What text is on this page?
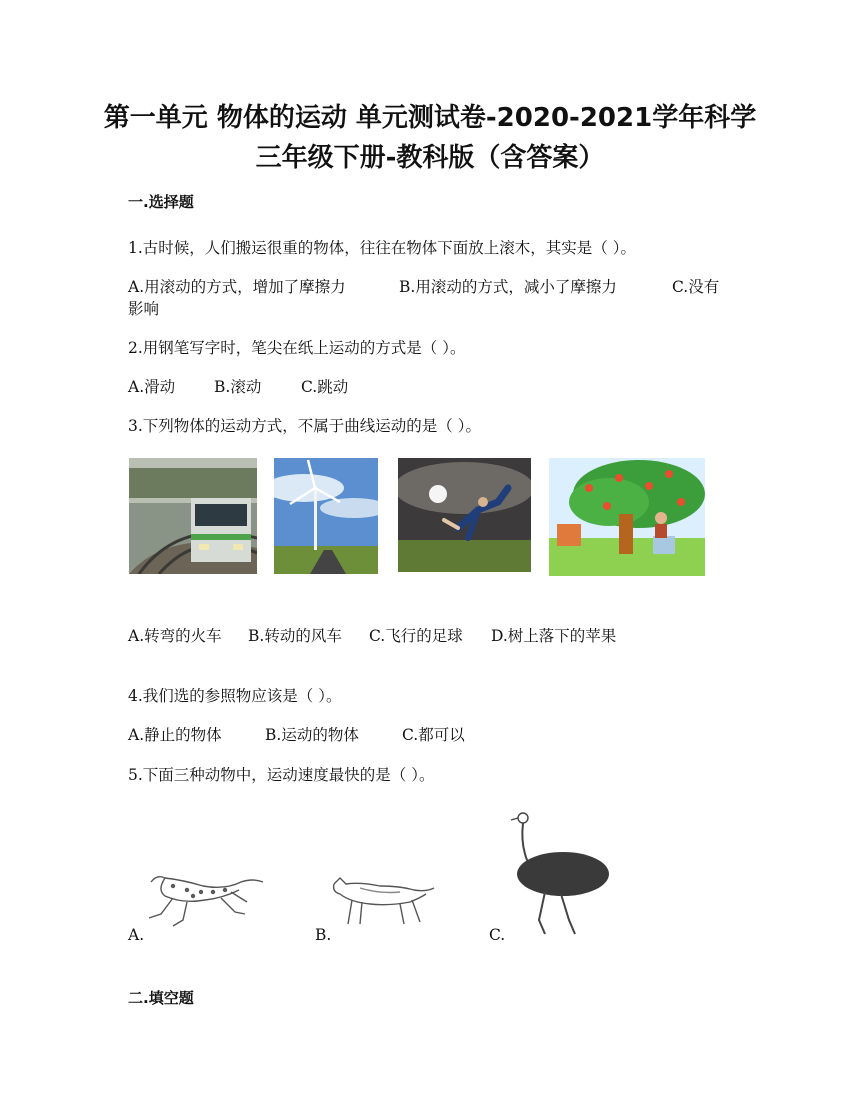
第一单元 物体的运动 单元测试卷-2020-2021学年科学
三年级下册-教科版（含答案）
一.选择题
1.古时候，人们搬运很重的物体，往往在物体下面放上滚木，其实是（ ）。
A.用滚动的方式，增加了摩擦力	B.用滚动的方式，减小了摩擦力	C.没有
影响
2.用钢笔写字时，笔尖在纸上运动的方式是（ ）。
A.滑动	B.滚动	C.跳动
3.下列物体的运动方式，不属于曲线运动的是（ ）。
A.转弯的火车 B.转动的风车 C.飞行的足球 D.树上落下的苹果
4.我们选的参照物应该是（ ）。
A.静止的物体	B.运动的物体	C.都可以
5.下面三种动物中，运动速度最快的是（ ）。
A.	B.	C.
二.填空题
